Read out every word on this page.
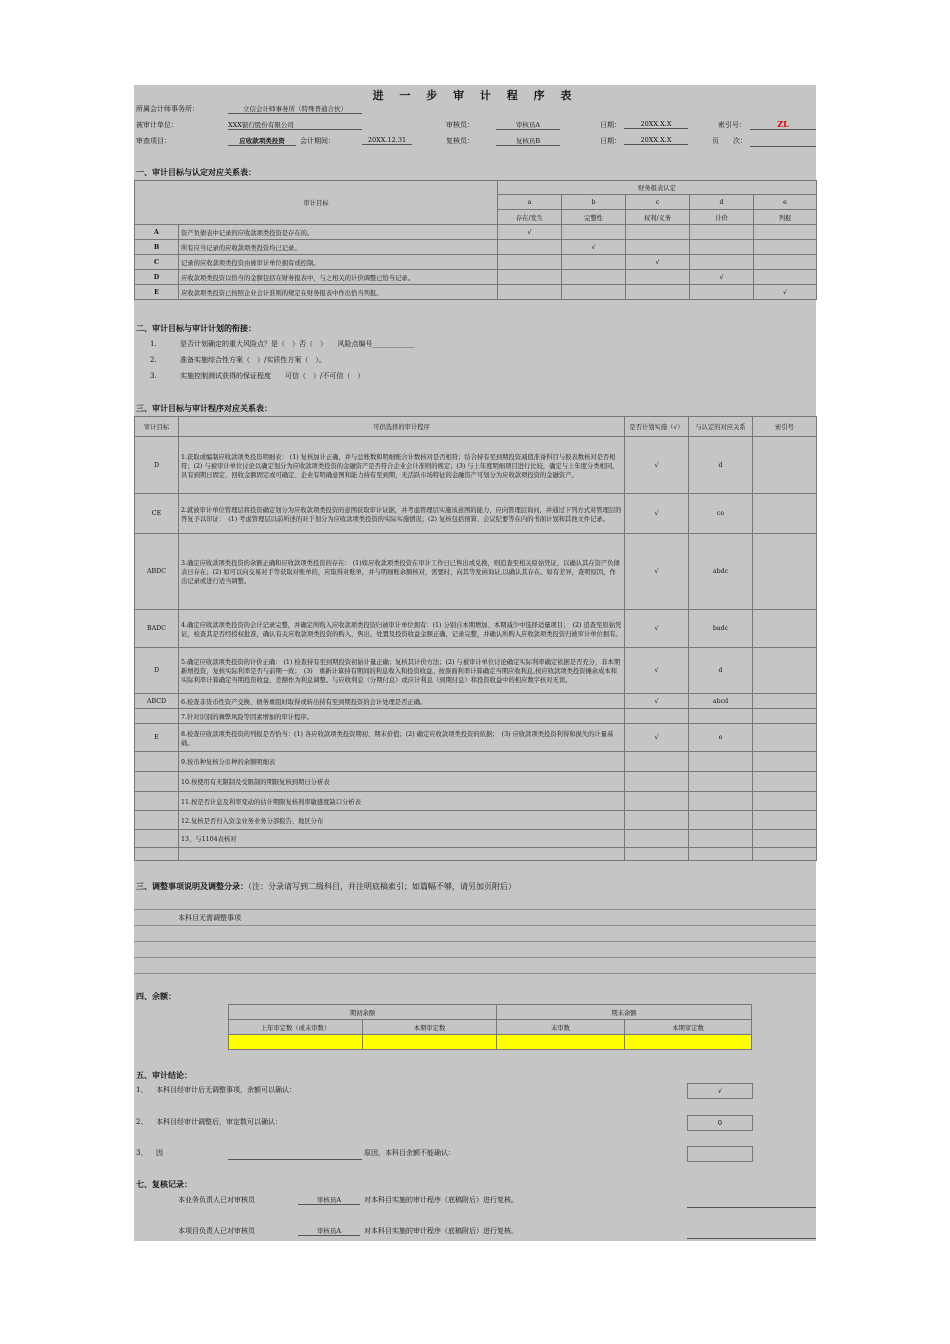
进 一 步 审 计 程 序 表
所属会计师事务所：	立信会计师事务所（特殊普通合伙）
被审计单位：	XXX银行股份有限公司	审核员：	审核员A	日期：	20XX.X.X	索引号：	ZL
审查项目：	应收款项类投资	会计期间：	20XX.12.31	复核员：	复核员B	日期：	20XX.X.X	页　　次：
一、审计目标与认定对应关系表：
审计目标		财务报表认定				
		a	b	c	d	e
		存在/发生	完整性	权利/义务	计价	列报
A	资产负债表中记录的应收款项类投资是存在的。	√				
B	所有应当记录的应收款项类投资均已记录。		√			
C	记录的应收款项类投资由被审计单位拥有或控制。			√		
D	应收款项类投资以恰当的金额包括在财务报表中，与之相关的计价调整已恰当记录。				√	
E	应收款项类投资已按照企业会计准则的规定在财务报表中作出恰当列报。					√
二、审计目标与审计计划的衔接：
1.	是否计划确定的重大风险点？是（　）否（　）　　风险点编号____________
2.	准备实施综合性方案（　）/实质性方案（　）。
3.	实施控制测试获得的保证程度　　可信（　）/不可信（　）
三、审计目标与审计程序对应关系表：
审计目标	可供选择的审计程序	是否计划实施（√）	与认定的对应关系	索引号
D	1.获取或编制应收款项类投资明细表： (1) 复核加计正确，并与总账数和明细账合计数核对是否相符；结合持有至到期投资减值准备科目与报表数核对是否相符；(2) 与被审计单位讨论以确定划分为应收款项类投资的金融资产是否符合企业会计准则的规定；(3) 与上年度明细项目进行比较，确定与上年度分类相同，具有到期日固定、回收金额固定或可确定、企业有明确意图和能力持有至到期、无活跃市场特征的金融资产可划分为应收款项投资的金融资产。	√	d	
CE	2.就被审计单位管理层将投资确定划分为应收款项类投资的意图获取审计证据，并考虑管理层实施该意图的能力，应向管理层询问，并通过下列方式对管理层的答复予以印证：　(1) 考虑管理层以前所述的对于划分为应收款项类投资的实际实施情况；(2) 复核包括预算、会议纪要等在内的书面计划和其他文件记录。	√	ce	
ABDC	3.确定应收款项类投资的余额正确和应收款项类投资的存在： (1)如应收款项类投资在审计工作日已售出或兑换，则追查至相关原始凭证，以确认其在资产负债表日存在；(2) 如可以向交易对手等获取对账单的，应取得对账单，并与明细账余额核对，需要时，向其等发函询证,以确认其存在。如有差异，查明原因，作出记录或进行适当调整。	√	abdc	
BADC	4.确定应收款项类投资的会计记录完整，并确定所购入应收款项类投资归被审计单位拥有：(1) 分别自本期增加、本期减少中选择适量项目；　(2) 追查至原始凭证，检查其是否经授权批准，确认有关应收款项类投资的购入、售出、处置及投资收益金额正确，记录完整，并确认所购入应收款项类投资归被审计单位拥有。	√	badc	
D	5.确定应收款项类投资的计价正确： (1) 检查持有至到期投资初始计量正确；复核其计价方法；(2) 与被审计单位讨论确定实际利率确定依据是否充分，非本期新增投资，复核实际利率是否与前期一致；　(3)　重新计算持有期间的利息收入和投资收益。按票面利率计算确定当期应收利息,按应收款项类投资摊余成本和实际利率计算确定当期投资收益，差额作为利息调整。与应收利息（分期付息）或应计利息（到期付息）和投资收益中的相应数字核对无误。	√	d	
ABCD	6.检查非货币性资产交换、债务重组时取得或转出持有至到期投资的会计处理是否正确。	√	abcd	
	7.针对识别的舞弊风险等因素增加的审计程序。			
E	8.检查应收款项类投资的列报是否恰当：(1) 各应收款项类投资期初、期末价值；(2) 确定应收款项类投资的依据；　(3) 应收款项类投资利得和损失的计量基础。	√	e	
	9.按币种复核分币种的余额明细表			
	10.按使用有无限制及受限制的期限复核到期日分析表			
	11.按是否计息及利率变动的估计期限复核利率敏感度缺口分析表			
	12.复核是否归入资金业务业务分部报告、地区分布			
	13、与1104表核对			

三、调整事项说明及调整分录：（注：分录请写到二级科目，并注明底稿索引；如篇幅不够，请另加页附后）
本科目无需调整事项
四、余额：
期初余额		期末余额	
上年审定数（或未审数）	本期审定数	未审数	本期审定数

五、审计结论：
1、 本科目经审计后无调整事项，余额可以确认：	√
2、 本科目经审计调整后，审定数可以确认：	0
3、 因	原因，本科目余额不能确认：
七、复核记录：
本业务负责人已对审核员	审核员A	对本科目实施的审计程序（底稿附后）进行复核。
本项目负责人已对审核员	审核员A	对本科目实施的审计程序（底稿附后）进行复核。
